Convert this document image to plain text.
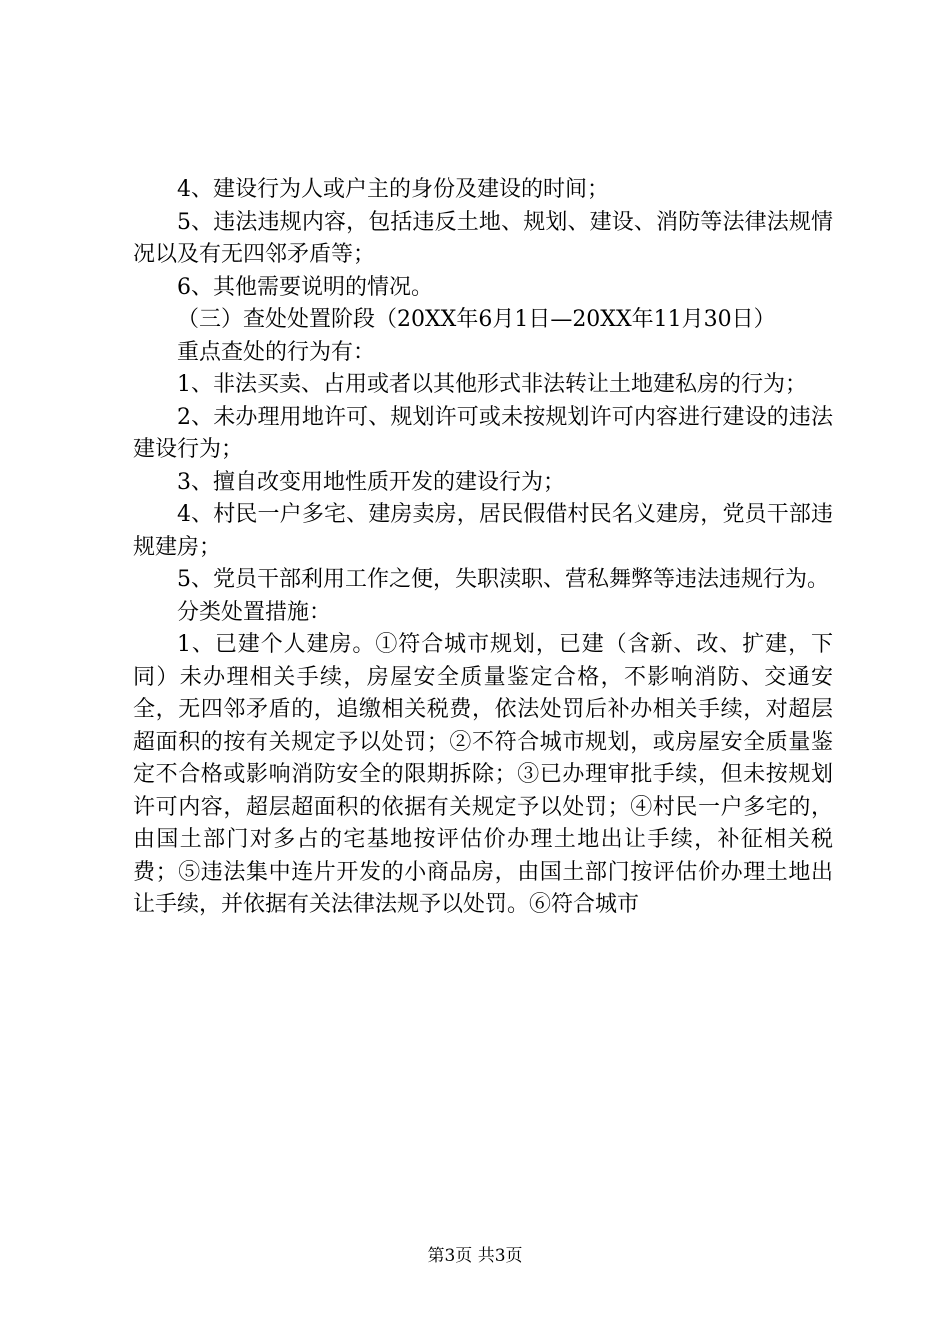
4、建设行为人或户主的身份及建设的时间；

5、违法违规内容，包括违反土地、规划、建设、消防等法律法规情况以及有无四邻矛盾等；

6、其他需要说明的情况。

（三）查处处置阶段（20XX年6月1日—20XX年11月30日）

重点查处的行为有：

1、非法买卖、占用或者以其他形式非法转让土地建私房的行为；

2、未办理用地许可、规划许可或未按规划许可内容进行建设的违法建设行为；

3、擅自改变用地性质开发的建设行为；

4、村民一户多宅、建房卖房，居民假借村民名义建房，党员干部违规建房；

5、党员干部利用工作之便，失职渎职、营私舞弊等违法违规行为。

分类处置措施：

1、已建个人建房。①符合城市规划，已建（含新、改、扩建，下同）未办理相关手续，房屋安全质量鉴定合格，不影响消防、交通安全，无四邻矛盾的，追缴相关税费，依法处罚后补办相关手续，对超层超面积的按有关规定予以处罚；②不符合城市规划，或房屋安全质量鉴定不合格或影响消防安全的限期拆除；③已办理审批手续，但未按规划许可内容，超层超面积的依据有关规定予以处罚；④村民一户多宅的，由国土部门对多占的宅基地按评估价办理土地出让手续，补征相关税费；⑤违法集中连片开发的小商品房，由国土部门按评估价办理土地出让手续，并依据有关法律法规予以处罚。⑥符合城市

第3页 共3页
